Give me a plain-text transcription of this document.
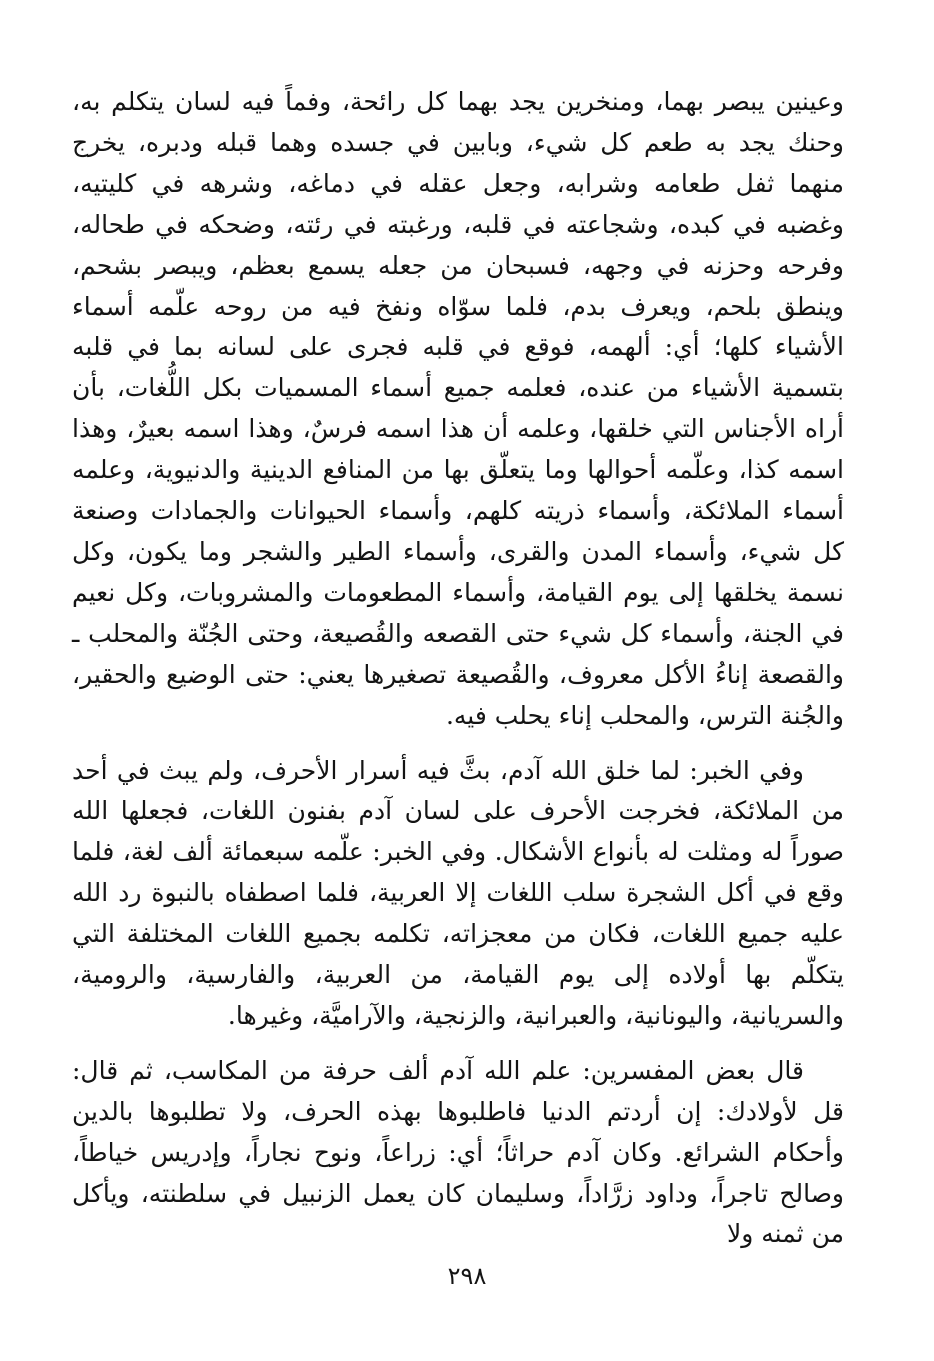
وعينين يبصر بهما، ومنخرين يجد بهما كل رائحة، وفماً فيه لسان يتكلم به، وحنك يجد به طعم كل شيء، وبابين في جسده وهما قبله ودبره، يخرج منهما ثفل طعامه وشرابه، وجعل عقله في دماغه، وشرهه في كليتيه، وغضبه في كبده، وشجاعته في قلبه، ورغبته في رئته، وضحكه في طحاله، وفرحه وحزنه في وجهه، فسبحان من جعله يسمع بعظم، ويبصر بشحم، وينطق بلحم، ويعرف بدم، فلما سوّاه ونفخ فيه من روحه علّمه أسماء الأشياء كلها؛ أي: ألهمه، فوقع في قلبه فجرى على لسانه بما في قلبه بتسمية الأشياء من عنده، فعلمه جميع أسماء المسميات بكل اللُّغات، بأن أراه الأجناس التي خلقها، وعلمه أن هذا اسمه فرسٌ، وهذا اسمه بعيرٌ، وهذا اسمه كذا، وعلّمه أحوالها وما يتعلّق بها من المنافع الدينية والدنيوية، وعلمه أسماء الملائكة، وأسماء ذريته كلهم، وأسماء الحيوانات والجمادات وصنعة كل شيء، وأسماء المدن والقرى، وأسماء الطير والشجر وما يكون، وكل نسمة يخلقها إلى يوم القيامة، وأسماء المطعومات والمشروبات، وكل نعيم في الجنة، وأسماء كل شيء حتى القصعه والقُصيعة، وحتى الجُنّة والمحلب ـ والقصعة إناءُ الأكل معروف، والقُصيعة تصغيرها يعني: حتى الوضيع والحقير، والجُنة الترس، والمحلب إناء يحلب فيه.

وفي الخبر: لما خلق الله آدم، بثَّ فيه أسرار الأحرف، ولم يبث في أحد من الملائكة، فخرجت الأحرف على لسان آدم بفنون اللغات، فجعلها الله صوراً له ومثلت له بأنواع الأشكال. وفي الخبر: علّمه سبعمائة ألف لغة، فلما وقع في أكل الشجرة سلب اللغات إلا العربية، فلما اصطفاه بالنبوة رد الله عليه جميع اللغات، فكان من معجزاته، تكلمه بجميع اللغات المختلفة التي يتكلّم بها أولاده إلى يوم القيامة، من العربية، والفارسية، والرومية، والسريانية، واليونانية، والعبرانية، والزنجية، والآراميَّة، وغيرها.

قال بعض المفسرين: علم الله آدم ألف حرفة من المكاسب، ثم قال: قل لأولادك: إن أردتم الدنيا فاطلبوها بهذه الحرف، ولا تطلبوها بالدين وأحكام الشرائع. وكان آدم حراثاً؛ أي: زراعاً، ونوح نجاراً، وإدريس خياطاً، وصالح تاجراً، وداود زرَّاداً، وسليمان كان يعمل الزنبيل في سلطنته، ويأكل من ثمنه ولا

٢٩٨
